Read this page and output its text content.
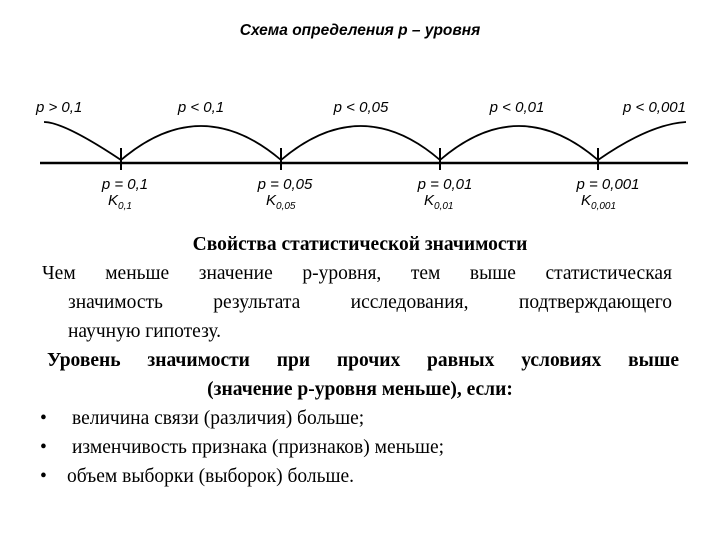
Схема определения р – уровня
p > 0,1	p < 0,1	p < 0,05	p < 0,01	p < 0,001
p = 0,1
$K_{0,1}$
p = 0,05
$K_{0,05}$
p = 0,01
$K_{0,01}$
p = 0,001
$K_{0,001}$
Свойства статистической значимости
Чем меньше значение р-уровня, тем выше статистическая
значимость результата исследования, подтверждающего
научную гипотезу.
Уровень значимости при прочих равных условиях выше
(значение р-уровня меньше), если:
• величина связи (различия) больше;
• изменчивость признака (признаков) меньше;
• объем выборки (выборок) больше.
